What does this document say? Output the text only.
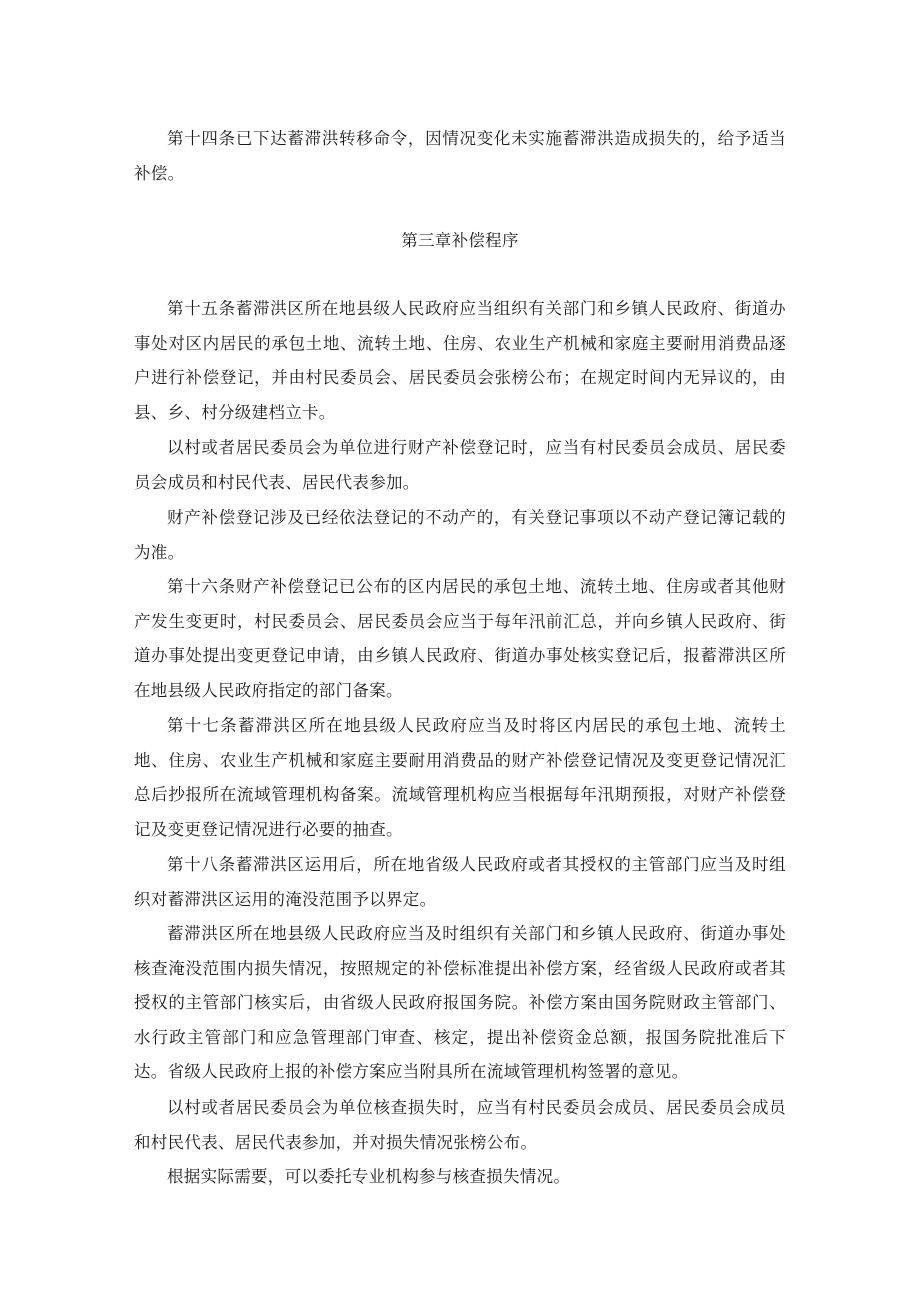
第十四条已下达蓄滞洪转移命令，因情况变化未实施蓄滞洪造成损失的，给予适当补偿。

第三章补偿程序

第十五条蓄滞洪区所在地县级人民政府应当组织有关部门和乡镇人民政府、街道办事处对区内居民的承包土地、流转土地、住房、农业生产机械和家庭主要耐用消费品逐户进行补偿登记，并由村民委员会、居民委员会张榜公布；在规定时间内无异议的，由县、乡、村分级建档立卡。

以村或者居民委员会为单位进行财产补偿登记时，应当有村民委员会成员、居民委员会成员和村民代表、居民代表参加。

财产补偿登记涉及已经依法登记的不动产的，有关登记事项以不动产登记簿记载的为准。

第十六条财产补偿登记已公布的区内居民的承包土地、流转土地、住房或者其他财产发生变更时，村民委员会、居民委员会应当于每年汛前汇总，并向乡镇人民政府、街道办事处提出变更登记申请，由乡镇人民政府、街道办事处核实登记后，报蓄滞洪区所在地县级人民政府指定的部门备案。

第十七条蓄滞洪区所在地县级人民政府应当及时将区内居民的承包土地、流转土地、住房、农业生产机械和家庭主要耐用消费品的财产补偿登记情况及变更登记情况汇总后抄报所在流域管理机构备案。流域管理机构应当根据每年汛期预报，对财产补偿登记及变更登记情况进行必要的抽查。

第十八条蓄滞洪区运用后，所在地省级人民政府或者其授权的主管部门应当及时组织对蓄滞洪区运用的淹没范围予以界定。

蓄滞洪区所在地县级人民政府应当及时组织有关部门和乡镇人民政府、街道办事处核查淹没范围内损失情况，按照规定的补偿标准提出补偿方案，经省级人民政府或者其授权的主管部门核实后，由省级人民政府报国务院。补偿方案由国务院财政主管部门、水行政主管部门和应急管理部门审查、核定，提出补偿资金总额，报国务院批准后下达。省级人民政府上报的补偿方案应当附具所在流域管理机构签署的意见。

以村或者居民委员会为单位核查损失时，应当有村民委员会成员、居民委员会成员和村民代表、居民代表参加，并对损失情况张榜公布。

根据实际需要，可以委托专业机构参与核查损失情况。
